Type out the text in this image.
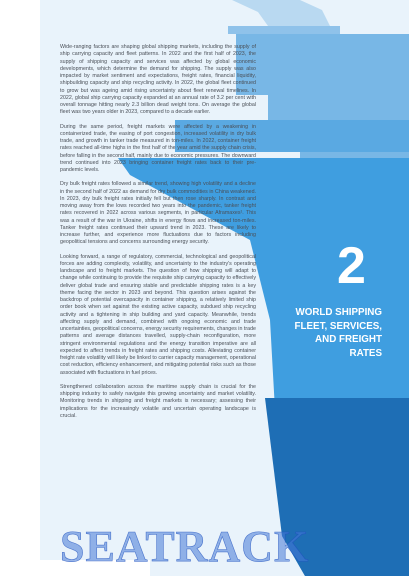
Wide-ranging factors are shaping global shipping markets, including the supply of ship carrying capacity and fleet patterns. In 2022 and the first half of 2023, the supply of shipping capacity and services was affected by global economic developments, which determine the demand for shipping. The supply was also impacted by market sentiment and expectations, freight rates, financial liquidity, shipbuilding capacity and ship recycling activity. In 2022, the global fleet continued to grow but was ageing amid rising uncertainty about fleet renewal timelines. In 2022, global ship carrying capacity expanded at an annual rate of 3.2 per cent with overall tonnage hitting nearly 2.3 billion dead weight tons. On average the global fleet was two years older in 2023, compared to a decade earlier.

During the same period, freight markets were affected by a weakening in containerized trade, the easing of port congestion, increased volatility in dry bulk trade, and growth in tanker trade measured in ton-miles. In 2022, container freight rates reached all-time highs in the first half of the year amid the supply chain crisis, before falling in the second half, mainly due to economic pressures. The downward trend continued into 2023 bringing container freight rates back to their pre-pandemic levels.

Dry bulk freight rates followed a similar trend, showing high volatility and a decline in the second half of 2022 as demand for dry bulk commodities in China weakened. In 2023, dry bulk freight rates initially fell but then rose sharply. In contrast and moving away from the lows recorded two years into the pandemic, tanker freight rates recovered in 2022 across various segments, in particular Aframaxes¹. This was a result of the war in Ukraine, shifts in energy flows and increased ton-miles. Tanker freight rates continued their upward trend in 2023. These are likely to increase further, and experience more fluctuations due to factors including geopolitical tensions and concerns surrounding energy security.

Looking forward, a range of regulatory, commercial, technological and geopolitical forces are adding complexity, volatility, and uncertainty to the industry's operating landscape and to freight markets. The question of how shipping will adapt to change while continuing to provide the requisite ship carrying capacity to effectively deliver global trade and ensuring stable and predictable shipping rates is a key theme facing the sector in 2023 and beyond. This question arises against the backdrop of potential overcapacity in container shipping, a relatively limited ship order book when set against the existing active capacity, subdued ship recycling activity and a tightening in ship building and yard capacity. Meanwhile, trends affecting supply and demand, combined with ongoing economic and trade uncertainties, geopolitical concerns, energy security requirements, changes in trade patterns and average distances travelled, supply-chain reconfiguration, more stringent environmental regulations and the energy transition imperative are all expected to affect trends in freight rates and shipping costs. Alleviating container freight rate volatility will likely be linked to carrier capacity management, operational cost reduction, efficiency enhancement, and mitigating potential risks such as those associated with fluctuations in fuel prices.

Strengthened collaboration across the maritime supply chain is crucial for the shipping industry to safely navigate this growing uncertainty and market volatility. Monitoring trends in shipping and freight markets is necessary; assessing their implications for the increasingly volatile and uncertain operating landscape is crucial.

2
WORLD SHIPPING
FLEET, SERVICES,
AND FREIGHT
RATES
SEATRACK
